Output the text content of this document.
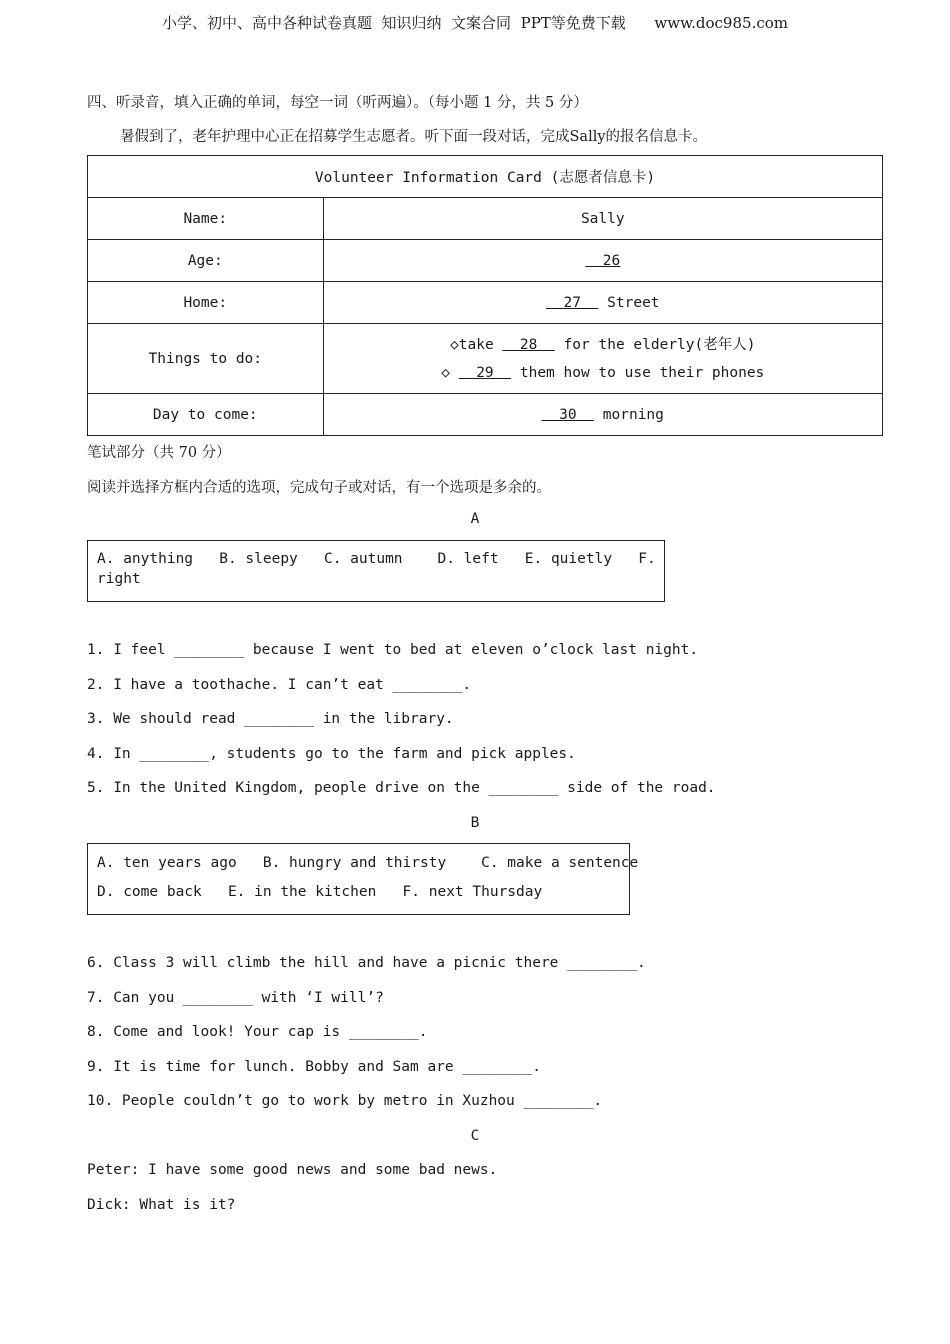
小学、初中、高中各种试卷真题  知识归纳  文案合同  PPT等免费下载      www.doc985.com
四、听录音，填入正确的单词，每空一词（听两遍）。（每小题 1 分，共 5 分）
暑假到了，老年护理中心正在招募学生志愿者。听下面一段对话，完成Sally的报名信息卡。
Volunteer Information Card (志愿者信息卡)	
Name:	Sally
Age:	26
Home:	27   Street
Things to do:	◇take   28   for the elderly(老年人)
◇   29   them how to use their phones

Day to come:	30   morning
笔试部分（共 70 分）
阅读并选择方框内合适的选项，完成句子或对话，有一个选项是多余的。
A
A. anything   B. sleepy   C. autumn    D. left   E. quietly   F.
right
1. I feel ________ because I went to bed at eleven o’clock last night.
2. I have a toothache. I can’t eat ________.
3. We should read ________ in the library.
4. In ________, students go to the farm and pick apples.
5. In the United Kingdom, people drive on the ________ side of the road.
B
A. ten years ago   B. hungry and thirsty    C. make a sentence
D. come back   E. in the kitchen   F. next Thursday
6. Class 3 will climb the hill and have a picnic there ________.
7. Can you ________ with ‘I will’?
8. Come and look! Your cap is ________.
9. It is time for lunch. Bobby and Sam are ________.
10. People couldn’t go to work by metro in Xuzhou ________.
C
Peter: I have some good news and some bad news.
Dick: What is it?
